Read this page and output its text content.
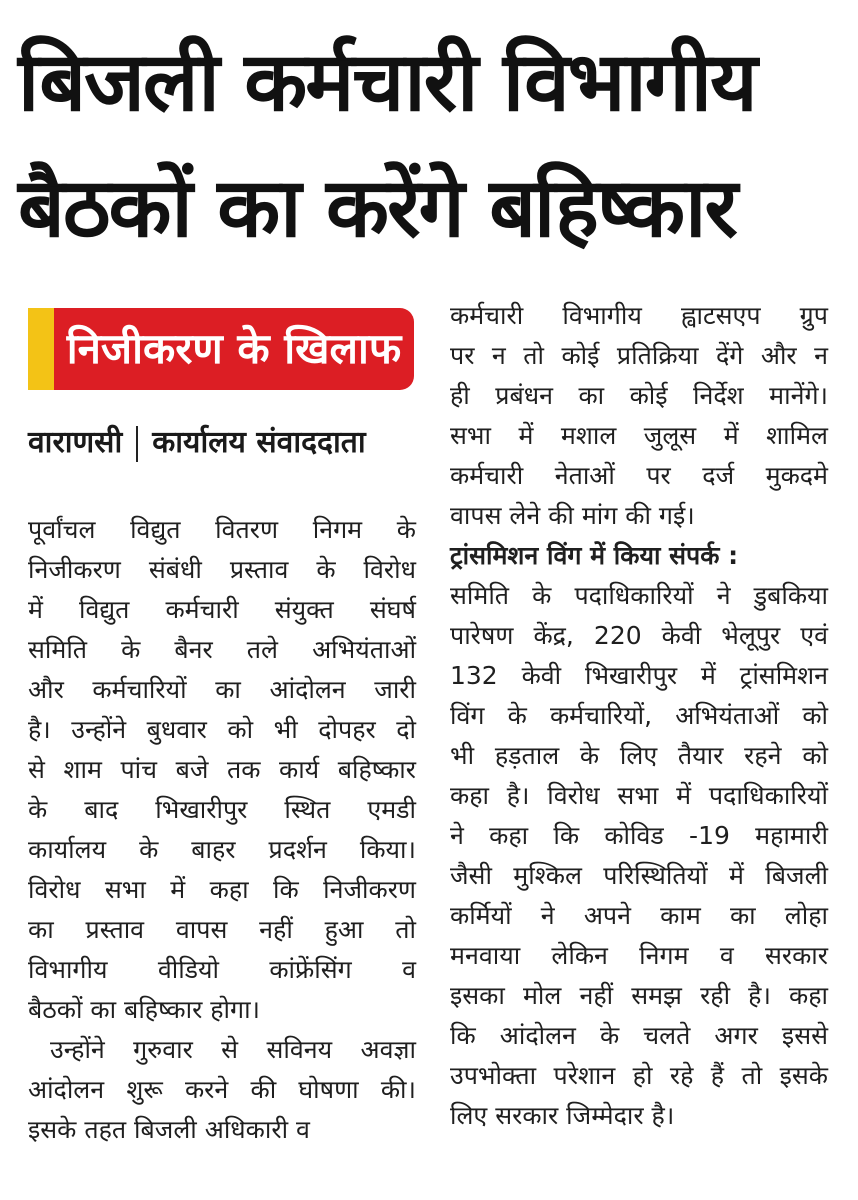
बिजली कर्मचारी विभागीय
बैठकों का करेंगे बहिष्कार
निजीकरण के खिलाफ
वाराणसी कार्यालय संवाददाता
पूर्वांचल विद्युत वितरण निगम के
निजीकरण संबंधी प्रस्ताव के विरोध
में विद्युत कर्मचारी संयुक्त संघर्ष
समिति के बैनर तले अभियंताओं
और कर्मचारियों का आंदोलन जारी
है। उन्होंने बुधवार को भी दोपहर दो
से शाम पांच बजे तक कार्य बहिष्कार
के बाद भिखारीपुर स्थित एमडी
कार्यालय के बाहर प्रदर्शन किया।
विरोध सभा में कहा कि निजीकरण
का प्रस्ताव वापस नहीं हुआ तो
विभागीय वीडियो कांफ्रेंसिंग व
बैठकों का बहिष्कार होगा।
उन्होंने गुरुवार से सविनय अवज्ञा
आंदोलन शुरू करने की घोषणा की।
इसके तहत बिजली अधिकारी व
कर्मचारी विभागीय ह्वाटसएप ग्रुप
पर न तो कोई प्रतिक्रिया देंगे और न
ही प्रबंधन का कोई निर्देश मानेंगे।
सभा में मशाल जुलूस में शामिल
कर्मचारी नेताओं पर दर्ज मुकदमे
वापस लेने की मांग की गई।
ट्रांसमिशन विंग में किया संपर्क :
समिति के पदाधिकारियों ने डुबकिया
पारेषण केंद्र, 220 केवी भेलूपुर एवं
132 केवी भिखारीपुर में ट्रांसमिशन
विंग के कर्मचारियों, अभियंताओं को
भी हड़ताल के लिए तैयार रहने को
कहा है। विरोध सभा में पदाधिकारियों
ने कहा कि कोविड -19 महामारी
जैसी मुश्किल परिस्थितियों में बिजली
कर्मियों ने अपने काम का लोहा
मनवाया लेकिन निगम व सरकार
इसका मोल नहीं समझ रही है। कहा
कि आंदोलन के चलते अगर इससे
उपभोक्ता परेशान हो रहे हैं तो इसके
लिए सरकार जिम्मेदार है।
